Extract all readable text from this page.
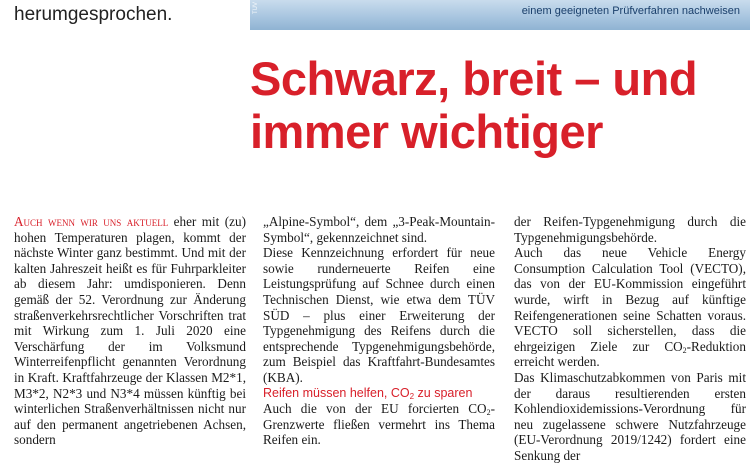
herumgesprochen.	TÜV	einem geeigneten Prüfverfahren nachweisen
Schwarz, breit – und
immer wichtiger

Auch wenn wir uns aktuell eher mit (zu) hohen Temperaturen plagen, kommt der nächste Winter ganz bestimmt. Und mit der kalten Jahreszeit heißt es für Fuhrparkleiter ab diesem Jahr: umdisponieren. Denn gemäß der 52. Verordnung zur Änderung straßenverkehrsrechtlicher Vorschriften trat mit Wirkung zum 1. Juli 2020 eine Verschärfung der im Volksmund Winterreifenpflicht genannten Verordnung in Kraft. Kraftfahrzeuge der Klassen M2*1, M3*2, N2*3 und N3*4 müssen künftig bei winterlichen Straßenverhältnissen nicht nur auf den permanent angetriebenen Achsen, sondern

„Alpine-Symbol“, dem „3-Peak-Mountain-Symbol“, gekennzeichnet sind.

Diese Kennzeichnung erfordert für neue sowie runderneuerte Reifen eine Leistungsprüfung auf Schnee durch einen Technischen Dienst, wie etwa dem TÜV SÜD – plus einer Erweiterung der Typgenehmigung des Reifens durch die entsprechende Typgenehmigungsbehörde, zum Beispiel das Kraftfahrt-Bundesamtes (KBA).

Reifen müssen helfen, $CO_2$ zu sparen

Auch die von der EU forcierten $CO_2$-Grenzwerte fließen vermehrt ins Thema Reifen ein.

der Reifen-Typgenehmigung durch die Typgenehmigungsbehörde.

Auch das neue Vehicle Energy Consumption Calculation Tool (VECTO), das von der EU-Kommission eingeführt wurde, wirft in Bezug auf künftige Reifengenerationen seine Schatten voraus. VECTO soll sicherstellen, dass die ehrgeizigen Ziele zur $CO_2$-Reduktion erreicht werden.

Das Klimaschutzabkommen von Paris mit der daraus resultierenden ersten Kohlendioxidemissions-Verordnung für neu zugelassene schwere Nutzfahrzeuge (EU-Verordnung 2019/1242) fordert eine Senkung der
